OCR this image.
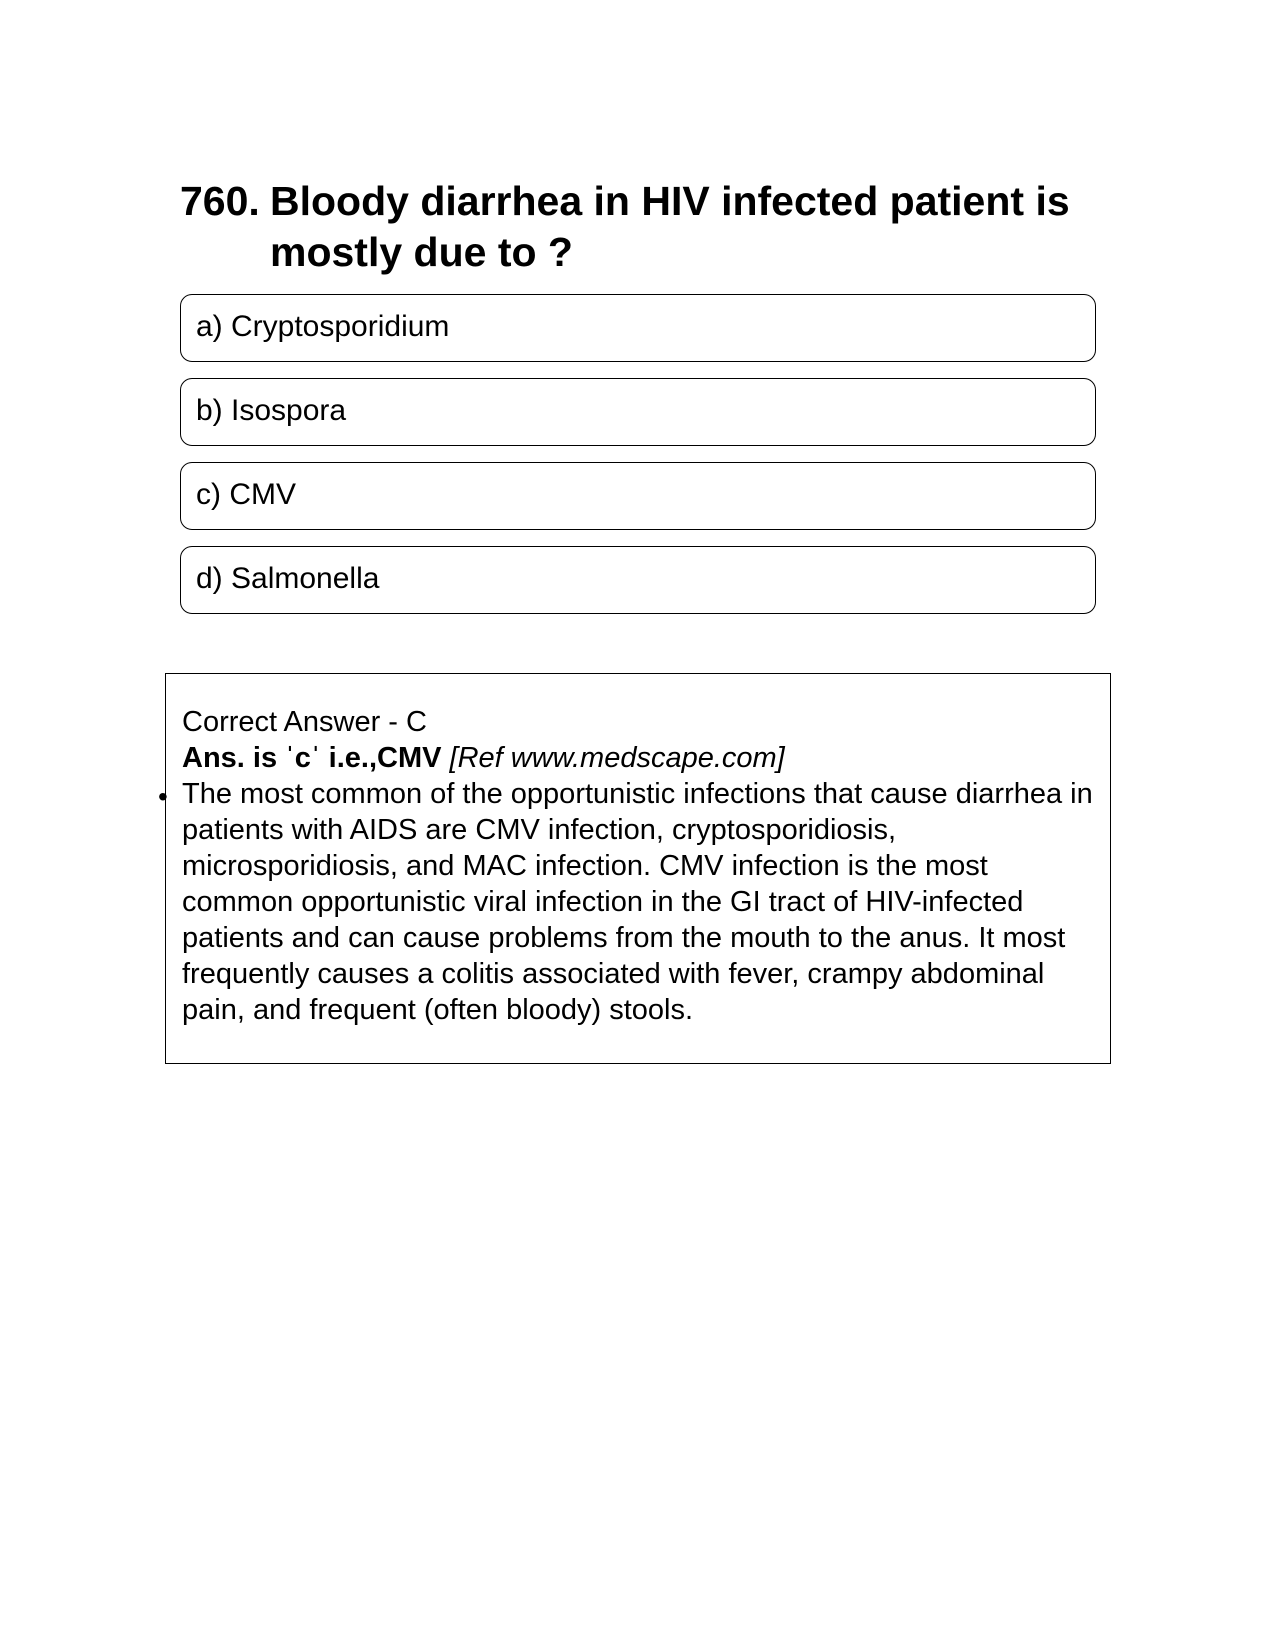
760. Bloody diarrhea in HIV infected patient is mostly due to ?
a) Cryptosporidium
b) Isospora
c) CMV
d) Salmonella
Correct Answer - C
Ans. is ˈcˈ i.e.,CMV [Ref www.medscape.com]
• The most common of the opportunistic infections that cause diarrhea in patients with AIDS are CMV infection, cryptosporidiosis, microsporidiosis, and MAC infection. CMV infection is the most common opportunistic viral infection in the GI tract of HIV-infected patients and can cause problems from the mouth to the anus. It most frequently causes a colitis associated with fever, crampy abdominal pain, and frequent (often bloody) stools.
